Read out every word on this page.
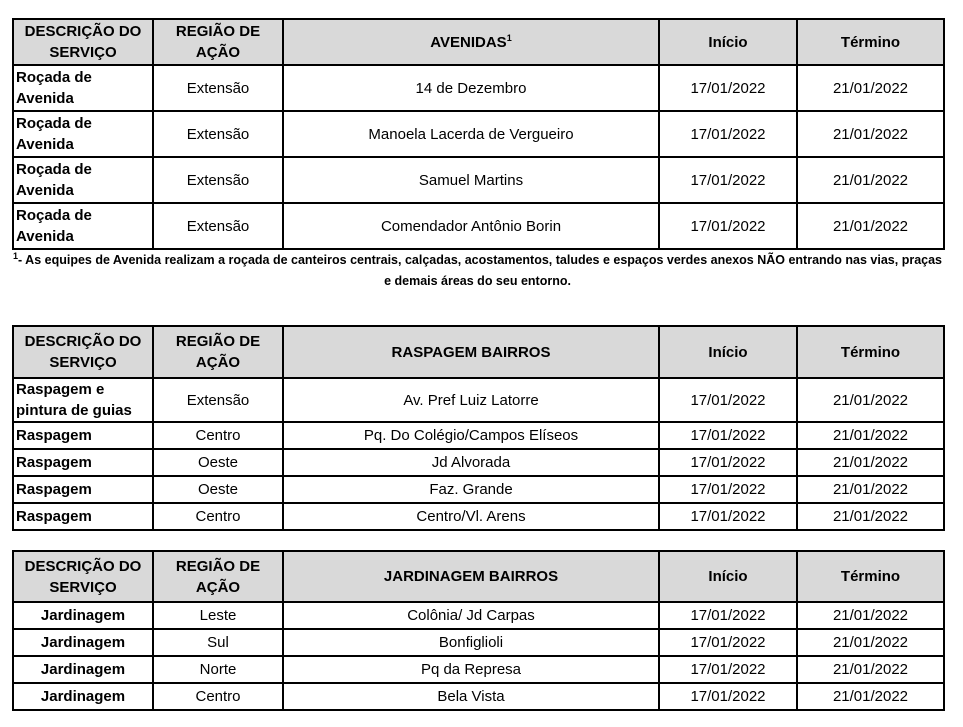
DESCRIÇÃO DO SERVIÇO	REGIÃO DE AÇÃO	AVENIDAS$^1$	Início	Término
Roçada de Avenida	Extensão	14 de Dezembro	17/01/2022	21/01/2022
Roçada de Avenida	Extensão	Manoela Lacerda de Vergueiro	17/01/2022	21/01/2022
Roçada de Avenida	Extensão	Samuel Martins	17/01/2022	21/01/2022
Roçada de Avenida	Extensão	Comendador Antônio Borin	17/01/2022	21/01/2022
$^1$- As equipes de Avenida realizam a roçada de canteiros centrais, calçadas, acostamentos, taludes e espaços verdes anexos NÃO entrando nas vias, praças e demais áreas do seu entorno.
DESCRIÇÃO DO SERVIÇO	REGIÃO DE AÇÃO	RASPAGEM BAIRROS	Início	Término
Raspagem e pintura de guias	Extensão	Av. Pref Luiz Latorre	17/01/2022	21/01/2022
Raspagem	Centro	Pq. Do Colégio/Campos Elíseos	17/01/2022	21/01/2022
Raspagem	Oeste	Jd Alvorada	17/01/2022	21/01/2022
Raspagem	Oeste	Faz. Grande	17/01/2022	21/01/2022
Raspagem	Centro	Centro/Vl. Arens	17/01/2022	21/01/2022
DESCRIÇÃO DO SERVIÇO	REGIÃO DE AÇÃO	JARDINAGEM BAIRROS	Início	Término
Jardinagem	Leste	Colônia/ Jd Carpas	17/01/2022	21/01/2022
Jardinagem	Sul	Bonfiglioli	17/01/2022	21/01/2022
Jardinagem	Norte	Pq da Represa	17/01/2022	21/01/2022
Jardinagem	Centro	Bela Vista	17/01/2022	21/01/2022
